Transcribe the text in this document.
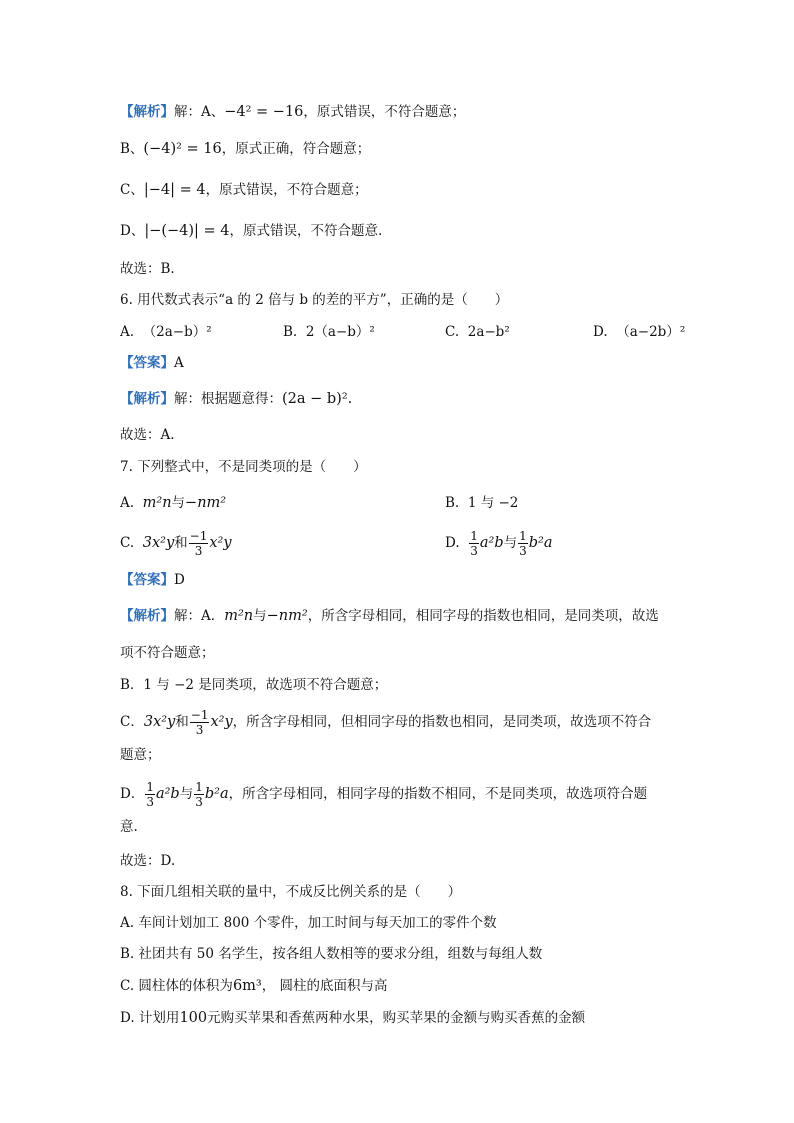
【解析】解：A、−4² = −16，原式错误，不符合题意；
B、(−4)² = 16，原式正确，符合题意；
C、|−4| = 4，原式错误，不符合题意；
D、|−(−4)| = 4，原式错误，不符合题意.
故选：B.
6. 用代数式表示“a 的 2 倍与 b 的差的平方”，正确的是（　　）
A. （2a−b）²	B. 2（a−b）²	C. 2a−b²	D. （a−2b）²
【答案】A
【解析】解：根据题意得：(2a − b)².
故选：A.
7. 下列整式中，不是同类项的是（　　）
A. m²n与−nm²	B. 1 与 −2
C. 3x²y和 $\frac{-1}{3} x^2y$	D. $\frac{1}{3} a^2b$与 $\frac{1}{3} b^2a$
【答案】D
【解析】解：A．m²n与−nm²，所含字母相同，相同字母的指数也相同，是同类项，故选
项不符合题意；
B．1 与 −2 是同类项，故选项不符合题意；
C．3x²y和 $\frac{-1}{3} x^2y$，所含字母相同，但相同字母的指数也相同，是同类项，故选项不符合
题意；
D． $\frac{1}{3} a^2b$与 $\frac{1}{3} b^2a$，所含字母相同，相同字母的指数不相同，不是同类项，故选项符合题
意.
故选：D.
8. 下面几组相关联的量中，不成反比例关系的是（　　）
A. 车间计划加工 800 个零件，加工时间与每天加工的零件个数
B. 社团共有 50 名学生，按各组人数相等的要求分组，组数与每组人数
C. 圆柱体的体积为6m³， 圆柱的底面积与高
D. 计划用100元购买苹果和香蕉两种水果，购买苹果的金额与购买香蕉的金额
